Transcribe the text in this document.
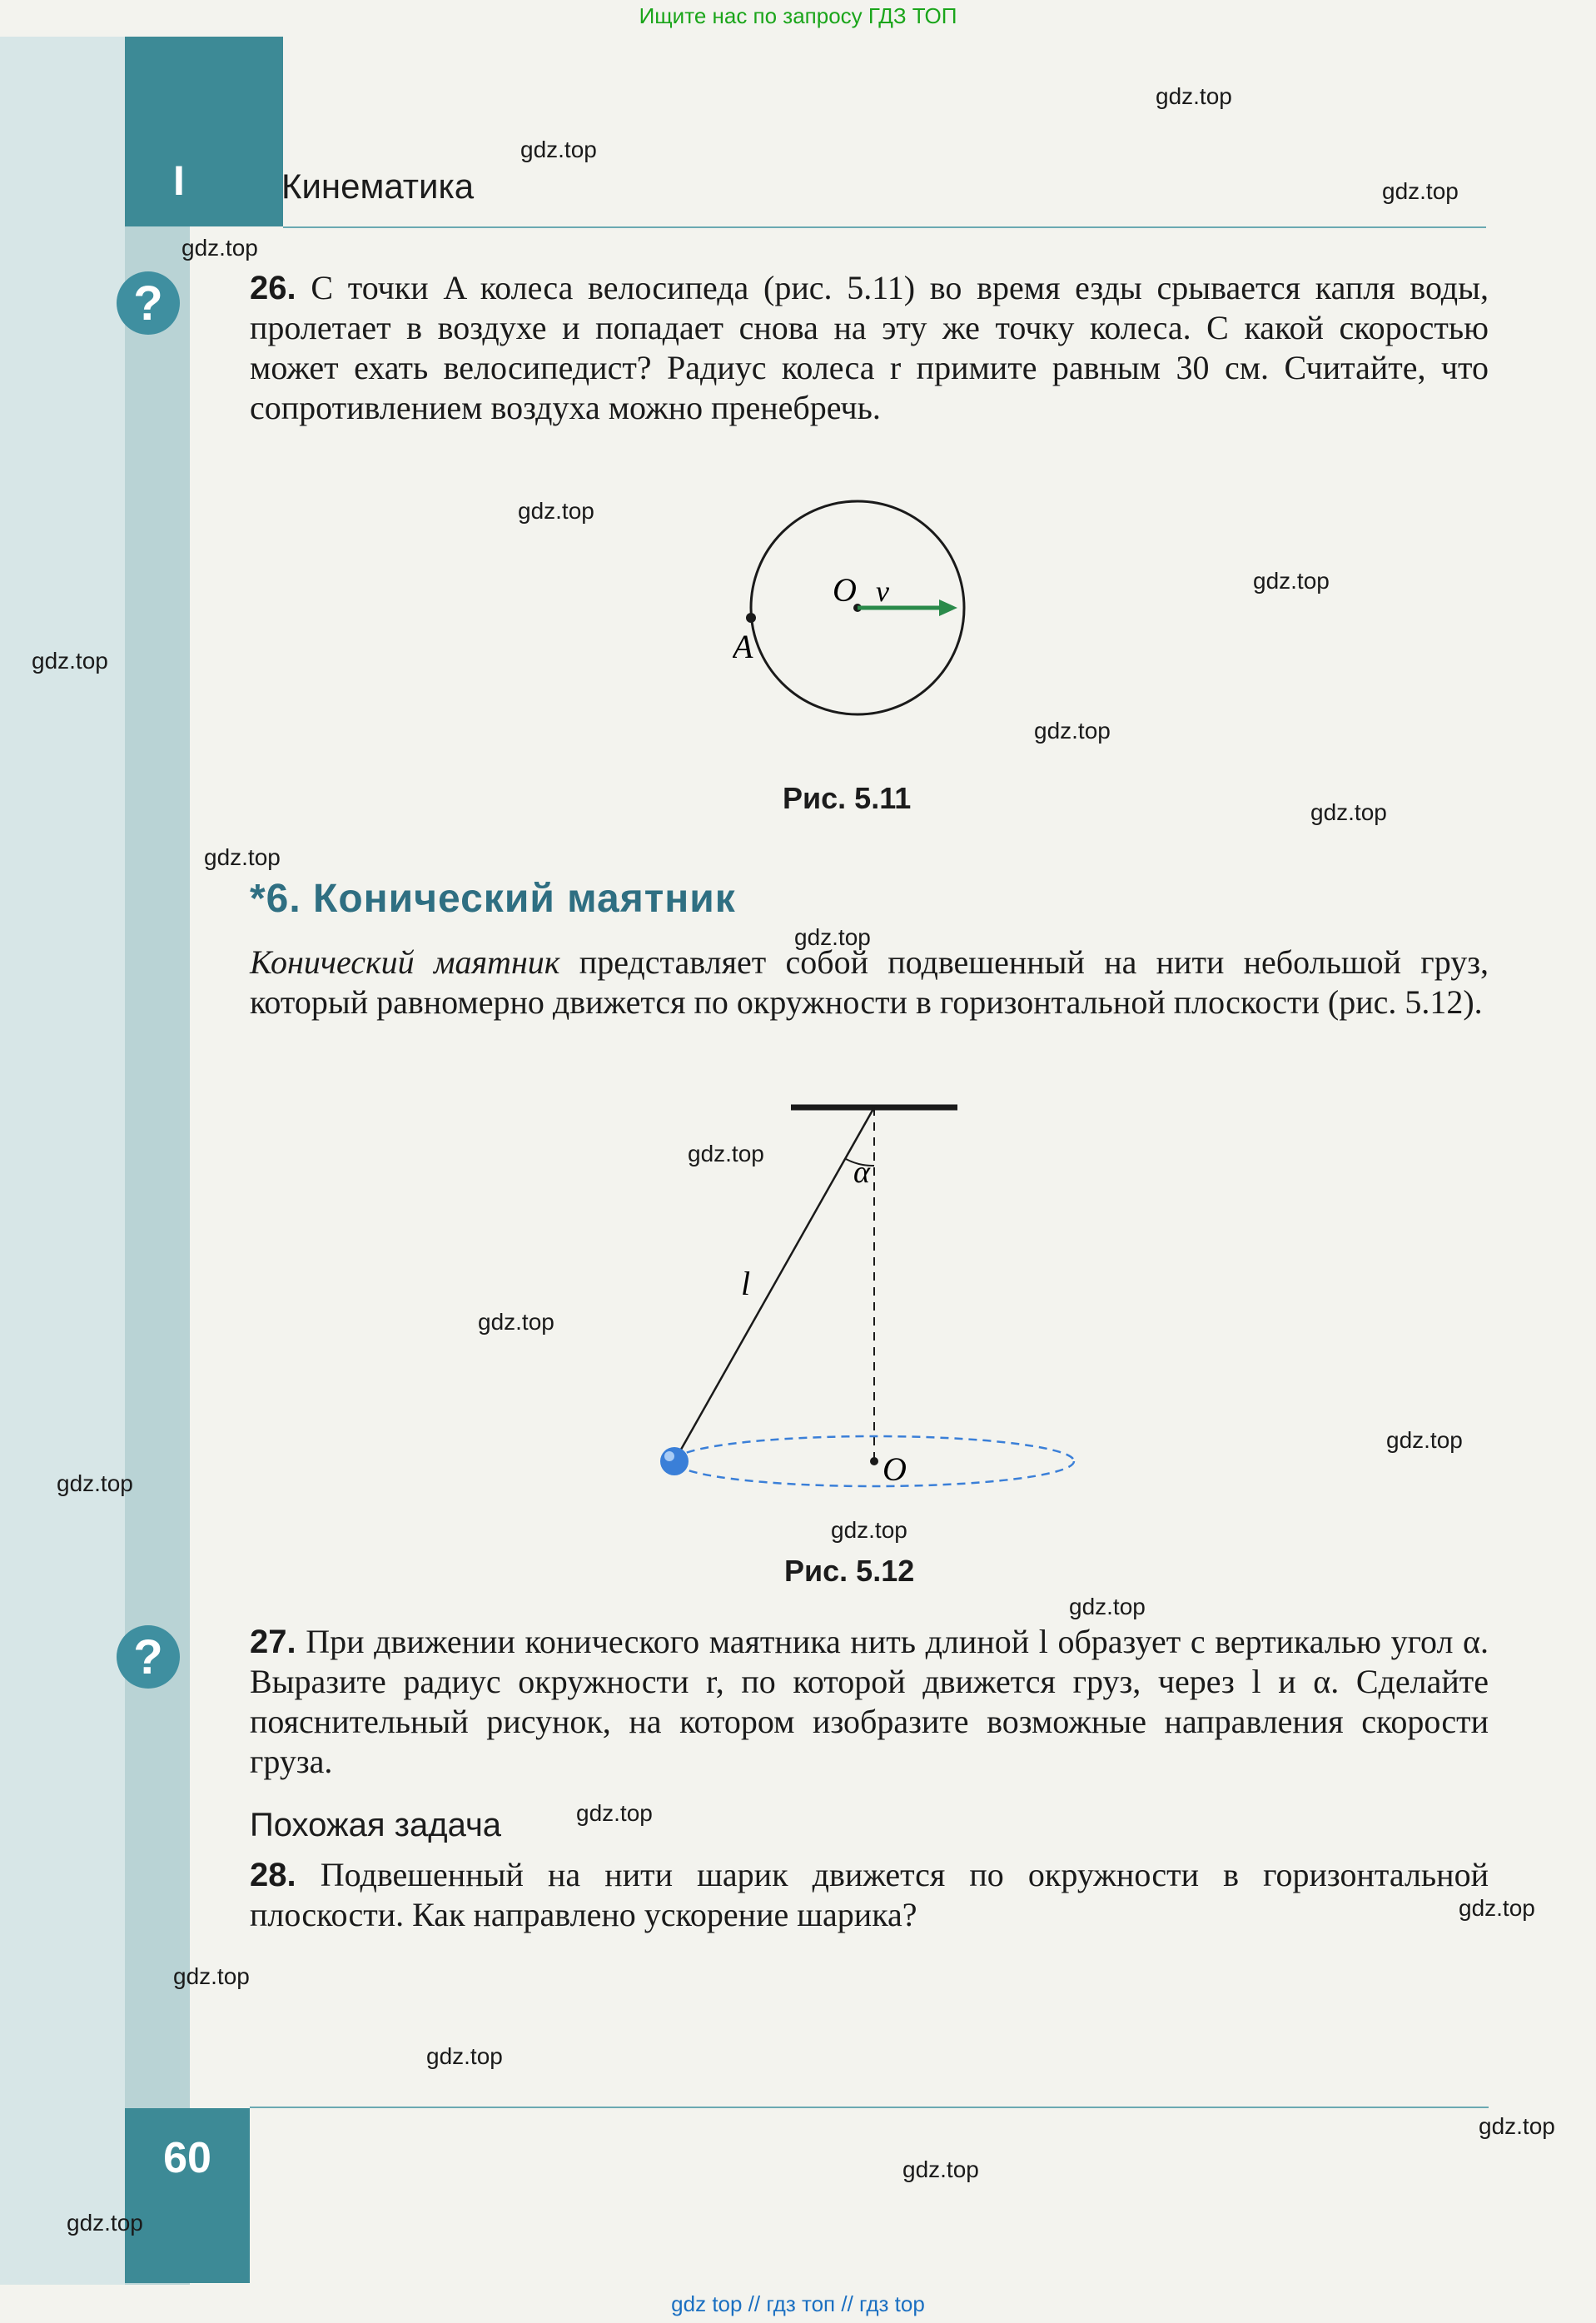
Ищите нас по запросу ГДЗ ТОП
I	Кинематика
?	26. С точки A колеса велосипеда (рис. 5.11) во время езды срывается капля воды, пролетает в воздухе и попадает снова на эту же точку колеса. С какой скоростью может ехать велосипедист? Радиус колеса r примите равным 30 см. Считайте, что сопротивлением воздуха можно пренебречь.
O v⃗
A
Рис. 5.11
*6. Конический маятник
Конический маятник представляет собой подвешенный на нити небольшой груз, который равномерно движется по окружности в горизонтальной плоскости (рис. 5.12).
α
l
O
Рис. 5.12
?	27. При движении конического маятника нить длиной l образует с вертикалью угол α. Выразите радиус окружности r, по которой движется груз, через l и α. Сделайте пояснительный рисунок, на котором изобразите возможные направления скорости груза.
Похожая задача
28. Подвешенный на нити шарик движется по окружности в горизонтальной плоскости. Как направлено ускорение шарика?
60
gdz.top
gdz.top
gdz.top
gdz.top
gdz.top
gdz.top
gdz.top
gdz.top
gdz.top
gdz.top
gdz.top
gdz.top
gdz.top
gdz.top
gdz.top
gdz.top
gdz.top
gdz.top
gdz.top
gdz.top
gdz.top
gdz.top
gdz.top
gdz.top
gdz top // гдз топ // гдз top
